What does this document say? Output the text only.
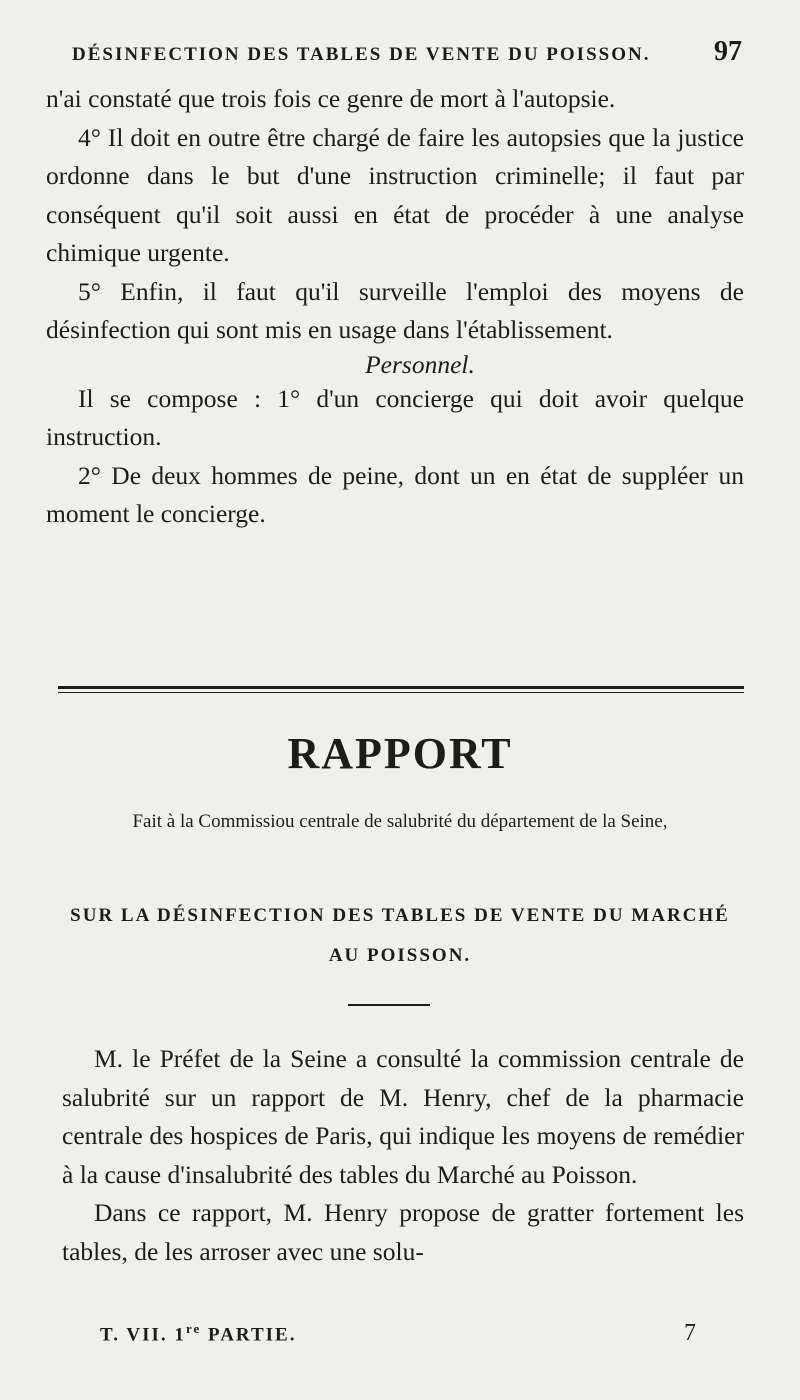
DÉSINFECTION DES TABLES DE VENTE DU POISSON. 97

n'ai constaté que trois fois ce genre de mort à l'autopsie.

4° Il doit en outre être chargé de faire les autopsies que la justice ordonne dans le but d'une instruction criminelle; il faut par conséquent qu'il soit aussi en état de procéder à une analyse chimique urgente.

5° Enfin, il faut qu'il surveille l'emploi des moyens de désinfection qui sont mis en usage dans l'établissement.

Personnel.

Il se compose : 1° d'un concierge qui doit avoir quelque instruction.

2° De deux hommes de peine, dont un en état de suppléer un moment le concierge.

RAPPORT
Fait à la Commissiou centrale de salubrité du département de la Seine,
SUR LA DÉSINFECTION DES TABLES DE VENTE DU MARCHÉ AU POISSON.

M. le Préfet de la Seine a consulté la commission centrale de salubrité sur un rapport de M. Henry, chef de la pharmacie centrale des hospices de Paris, qui indique les moyens de remédier à la cause d'insalubrité des tables du Marché au Poisson.

Dans ce rapport, M. Henry propose de gratter fortement les tables, de les arroser avec une solu-

T. VII. 1re PARTIE.	7
